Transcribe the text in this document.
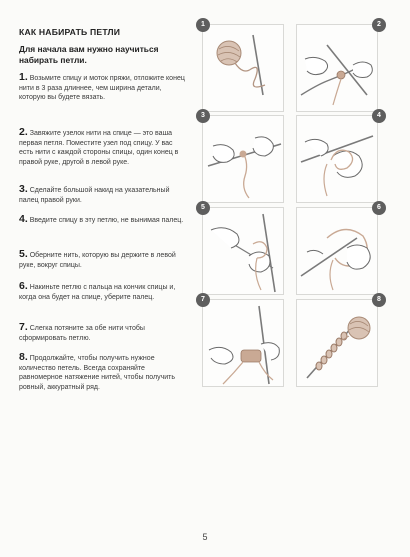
КАК НАБИРАТЬ ПЕТЛИ
Для начала вам нужно научиться набирать петли.
1. Возьмите спицу и моток пряжи, отложите конец нити в 3 раза длиннее, чем ширина детали, которую вы будете вязать.
2. Завяжите узелок нити на спице — это ваша первая петля. Поместите узел под спицу. У вас есть нити с каждой стороны спицы, один конец в правой руке, другой в левой руке.
3. Сделайте большой накид на указательный палец правой руки.
4. Введите спицу в эту петлю, не вынимая палец.
5. Оберните нить, которую вы держите в левой руке, вокруг спицы.
6. Накиньте петлю с пальца на кончик спицы и, когда она будет на спице, уберите палец.
7. Слегка потяните за обе нити чтобы сформировать петлю.
8. Продолжайте, чтобы получить нужное количество петель. Всегда сохраняйте равномерное натяжение нитей, чтобы получить ровный, аккуратный ряд.
1	2
3	4
5	6
7	8
5
